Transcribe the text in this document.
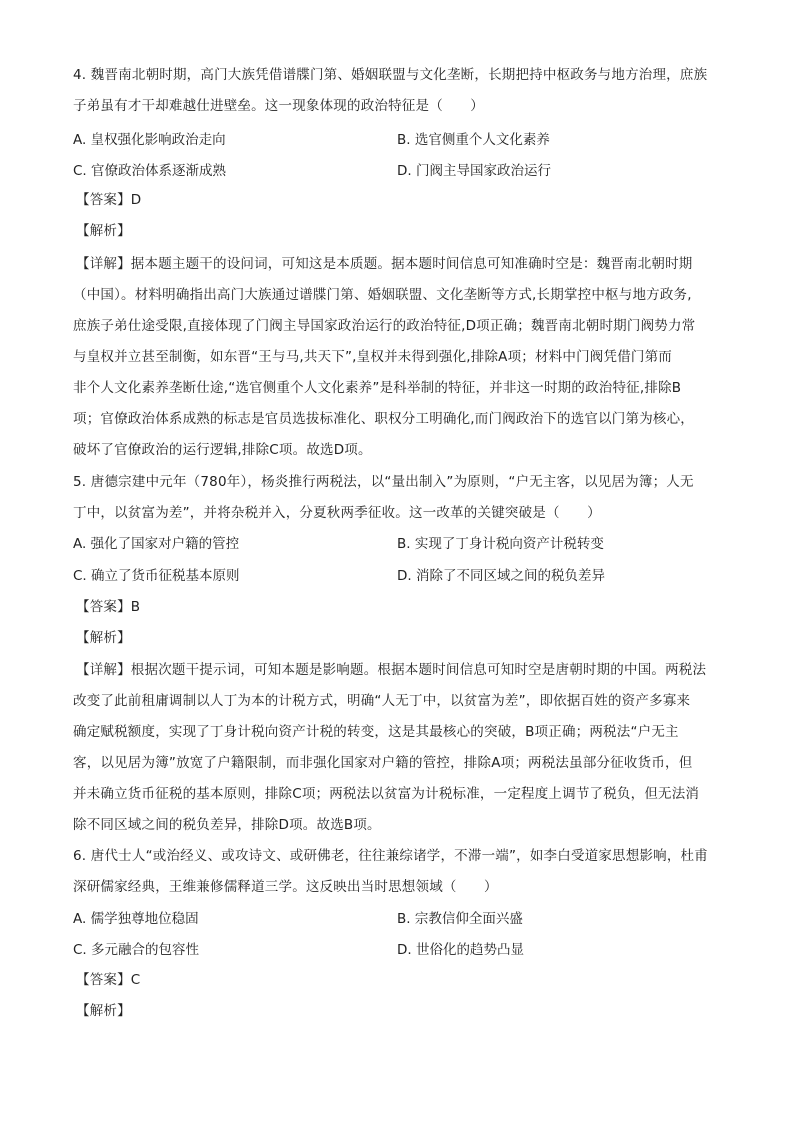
4. 魏晋南北朝时期，高门大族凭借谱牒门第、婚姻联盟与文化垄断，长期把持中枢政务与地方治理，庶族
子弟虽有才干却难越仕进壁垒。这一现象体现的政治特征是（　　）
A. 皇权强化影响政治走向	B. 选官侧重个人文化素养
C. 官僚政治体系逐渐成熟	D. 门阀主导国家政治运行
【答案】D
【解析】
【详解】据本题主题干的设问词，可知这是本质题。据本题时间信息可知准确时空是：魏晋南北朝时期
（中国）。材料明确指出高门大族通过谱牒门第、婚姻联盟、文化垄断等方式,长期掌控中枢与地方政务,
庶族子弟仕途受限,直接体现了门阀主导国家政治运行的政治特征,D项正确；魏晋南北朝时期门阀势力常
与皇权并立甚至制衡，如东晋“王与马,共天下”,皇权并未得到强化,排除A项；材料中门阀凭借门第而
非个人文化素养垄断仕途,“选官侧重个人文化素养”是科举制的特征，并非这一时期的政治特征,排除B
项；官僚政治体系成熟的标志是官员选拔标准化、职权分工明确化,而门阀政治下的选官以门第为核心，
破坏了官僚政治的运行逻辑,排除C项。故选D项。
5. 唐德宗建中元年（780年），杨炎推行两税法，以“量出制入”为原则，“户无主客，以见居为簿；人无
丁中，以贫富为差”，并将杂税并入，分夏秋两季征收。这一改革的关键突破是（　　）
A. 强化了国家对户籍的管控	B. 实现了丁身计税向资产计税转变
C. 确立了货币征税基本原则	D. 消除了不同区域之间的税负差异
【答案】B
【解析】
【详解】根据次题干提示词，可知本题是影响题。根据本题时间信息可知时空是唐朝时期的中国。两税法
改变了此前租庸调制以人丁为本的计税方式，明确“人无丁中，以贫富为差”，即依据百姓的资产多寡来
确定赋税额度，实现了丁身计税向资产计税的转变，这是其最核心的突破，B项正确；两税法“户无主
客，以见居为簿”放宽了户籍限制，而非强化国家对户籍的管控，排除A项；两税法虽部分征收货币，但
并未确立货币征税的基本原则，排除C项；两税法以贫富为计税标准，一定程度上调节了税负，但无法消
除不同区域之间的税负差异，排除D项。故选B项。
6. 唐代士人“或治经义、或攻诗文、或研佛老，往往兼综诸学，不滞一端”，如李白受道家思想影响，杜甫
深研儒家经典，王维兼修儒释道三学。这反映出当时思想领域（　　）
A. 儒学独尊地位稳固	B. 宗教信仰全面兴盛
C. 多元融合的包容性	D. 世俗化的趋势凸显
【答案】C
【解析】
